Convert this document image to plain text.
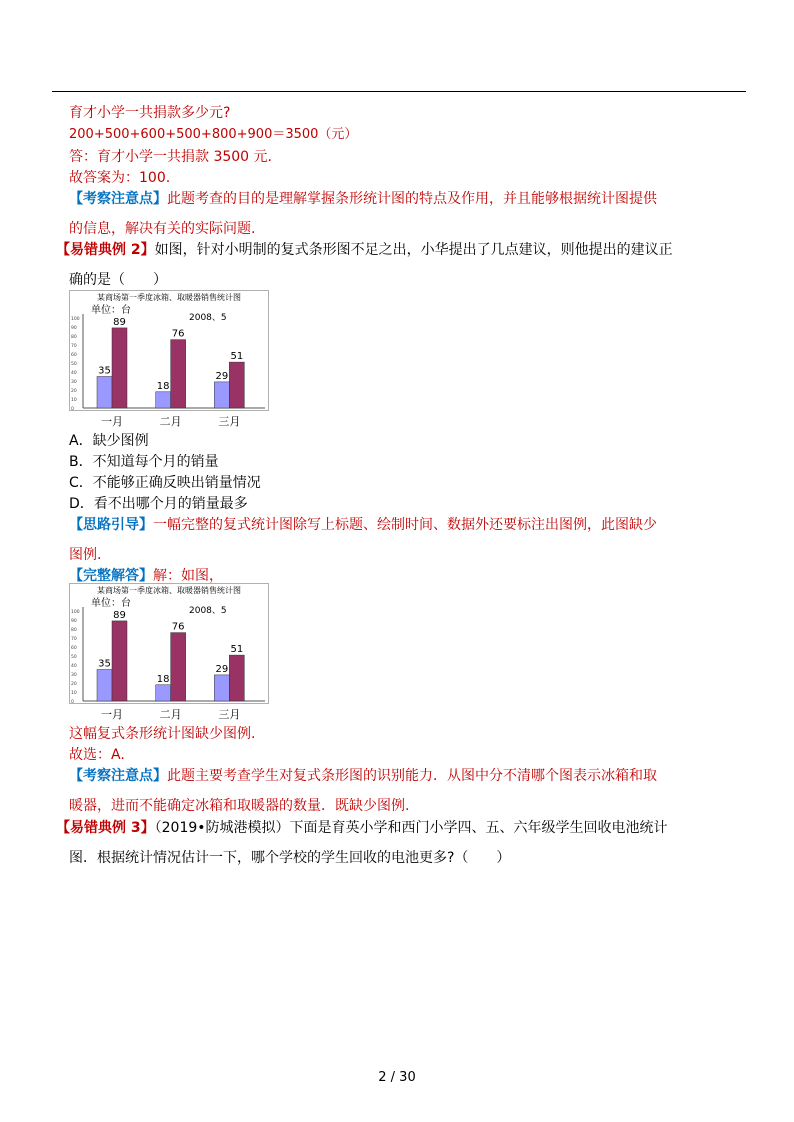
育才小学一共捐款多少元?
200+500+600+500+800+900＝3500（元）
答：育才小学一共捐款 3500 元.
故答案为：100.
【考察注意点】此题考查的目的是理解掌握条形统计图的特点及作用，并且能够根据统计图提供
的信息，解决有关的实际问题.
【易错典例 2】如图，针对小明制的复式条形图不足之出，小华提出了几点建议，则他提出的建议正
确的是（　　）
某商场第一季度冰箱、取暖器销售统计图
单位：台
2008、5
0
10
20
30
40
50
60
70
80
90
100
35
89
一月
18
76
二月
29
51
三月
A．缺少图例
B．不知道每个月的销量
C．不能够正确反映出销量情况
D．看不出哪个月的销量最多
【思路引导】一幅完整的复式统计图除写上标题、绘制时间、数据外还要标注出图例，此图缺少
图例.
【完整解答】解：如图，
某商场第一季度冰箱、取暖器销售统计图
单位：台
2008、5
0
10
20
30
40
50
60
70
80
90
100
35
89
一月
18
76
二月
29
51
三月
这幅复式条形统计图缺少图例.
故选：A.
【考察注意点】此题主要考查学生对复式条形图的识别能力．从图中分不清哪个图表示冰箱和取
暖器，进而不能确定冰箱和取暖器的数量．既缺少图例.
【易错典例 3】（2019•防城港模拟）下面是育英小学和西门小学四、五、六年级学生回收电池统计
图．根据统计情况估计一下，哪个学校的学生回收的电池更多?（　　）
2 / 30
